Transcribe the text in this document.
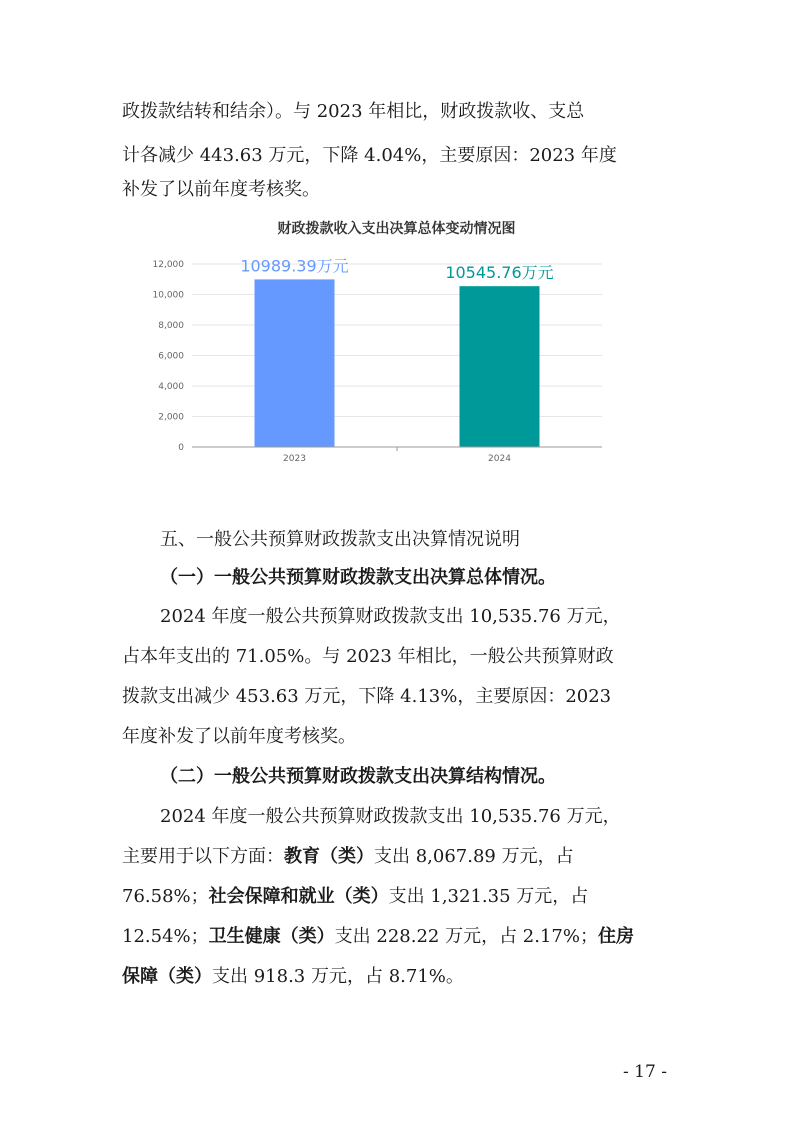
政拨款结转和结余）。与 2023 年相比，财政拨款收、支总
计各减少 443.63 万元，下降 4.04%，主要原因：2023 年度
补发了以前年度考核奖。
财政拨款收入支出决算总体变动情况图
0
2,000
4,000
6,000
8,000
10,000
12,000	10989.39万元	10545.76万元
2023	2024
五、一般公共预算财政拨款支出决算情况说明
（一）一般公共预算财政拨款支出决算总体情况。
2024 年度一般公共预算财政拨款支出 10,535.76 万元，
占本年支出的 71.05%。与 2023 年相比，一般公共预算财政
拨款支出减少 453.63 万元，下降 4.13%，主要原因：2023
年度补发了以前年度考核奖。
（二）一般公共预算财政拨款支出决算结构情况。
2024 年度一般公共预算财政拨款支出 10,535.76 万元，
主要用于以下方面：教育（类）支出 8,067.89 万元，占
76.58%；社会保障和就业（类）支出 1,321.35 万元，占
12.54%；卫生健康（类）支出 228.22 万元，占 2.17%；住房
保障（类）支出 918.3 万元，占 8.71%。
- 17 -
